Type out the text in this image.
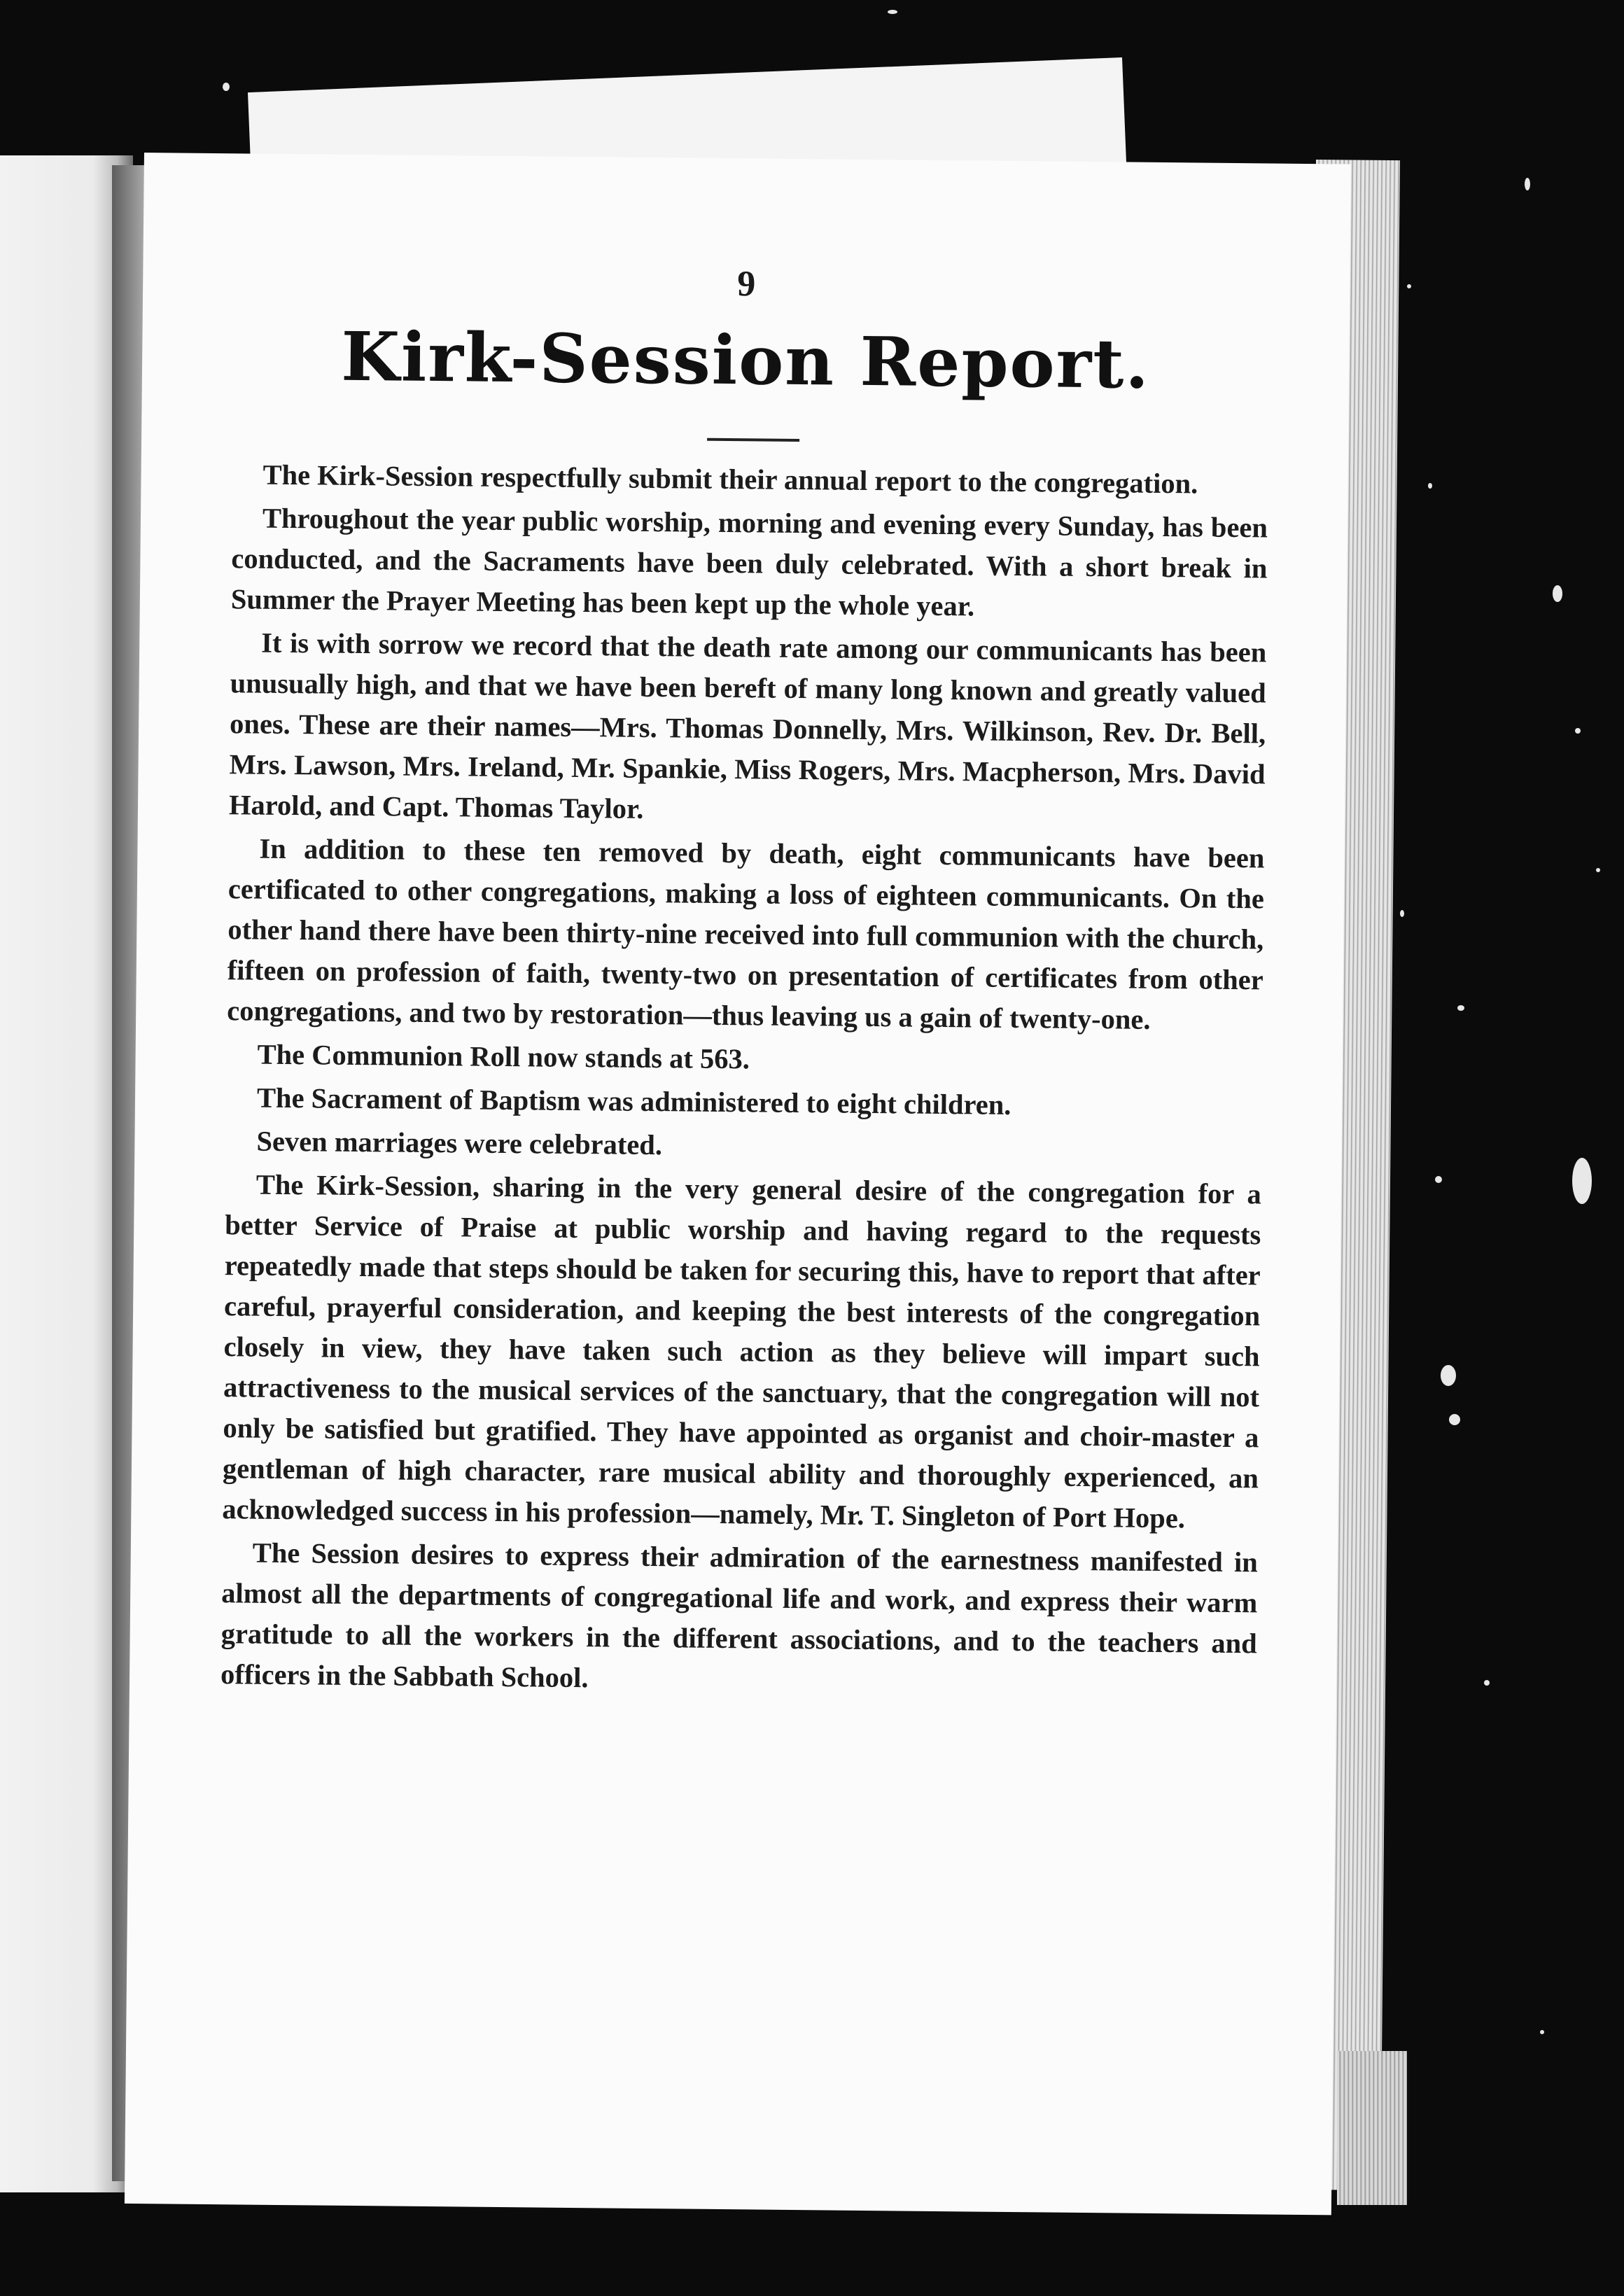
9
Kirk-Session Report.

The Kirk-Session respectfully submit their annual report to the congregation.

Throughout the year public worship, morning and evening every Sunday, has been conducted, and the Sacraments have been duly celebrated. With a short break in Summer the Prayer Meeting has been kept up the whole year.

It is with sorrow we record that the death rate among our communicants has been unusually high, and that we have been bereft of many long known and greatly valued ones. These are their names—Mrs. Thomas Donnelly, Mrs. Wilkinson, Rev. Dr. Bell, Mrs. Lawson, Mrs. Ireland, Mr. Spankie, Miss Rogers, Mrs. Macpherson, Mrs. David Harold, and Capt. Thomas Taylor.

In addition to these ten removed by death, eight communicants have been certificated to other congregations, making a loss of eighteen communicants. On the other hand there have been thirty-nine received into full communion with the church, fifteen on profession of faith, twenty-two on presentation of certificates from other congregations, and two by restoration—thus leaving us a gain of twenty-one.

The Communion Roll now stands at 563.

The Sacrament of Baptism was administered to eight children.

Seven marriages were celebrated.

The Kirk-Session, sharing in the very general desire of the congregation for a better Service of Praise at public worship and having regard to the requests repeatedly made that steps should be taken for securing this, have to report that after careful, prayerful consideration, and keeping the best interests of the congregation closely in view, they have taken such action as they believe will impart such attractiveness to the musical services of the sanctuary, that the congregation will not only be satisfied but gratified. They have appointed as organist and choir-master a gentleman of high character, rare musical ability and thoroughly experienced, an acknowledged success in his profession—namely, Mr. T. Singleton of Port Hope.

The Session desires to express their admiration of the earnestness manifested in almost all the departments of congregational life and work, and express their warm gratitude to all the workers in the different associations, and to the teachers and officers in the Sabbath School.
